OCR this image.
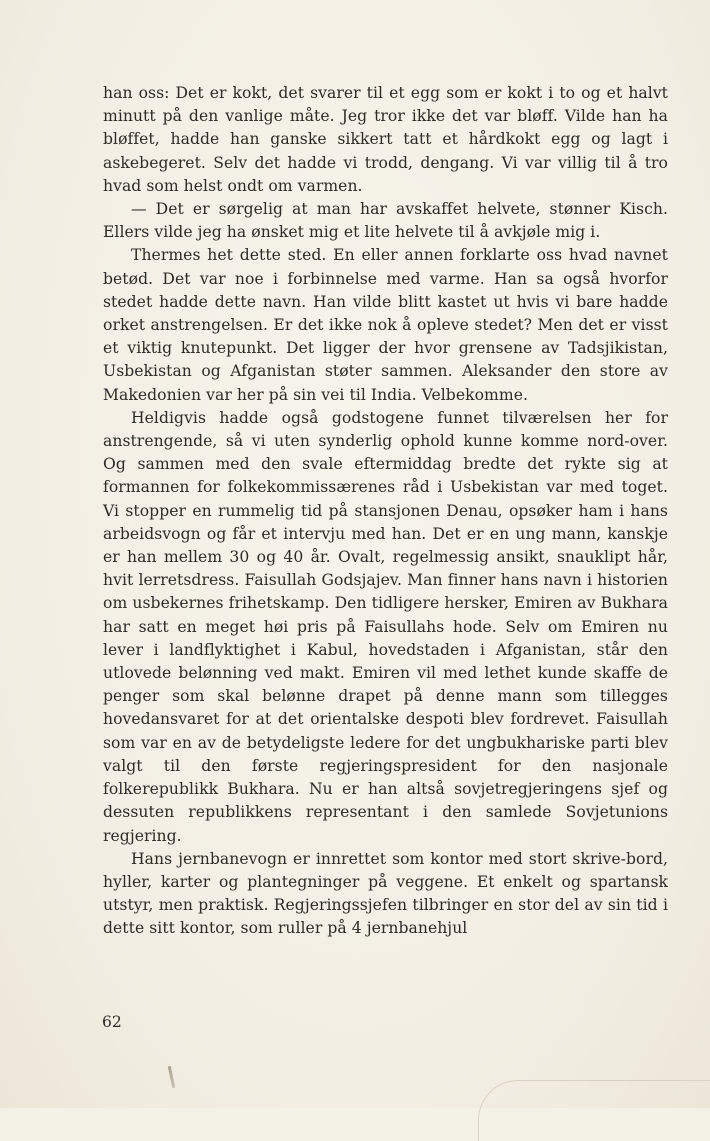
han oss: Det er kokt, det svarer til et egg som er kokt i to og et halvt minutt på den vanlige måte. Jeg tror ikke det var bløff. Vilde han ha bløffet, hadde han ganske sikkert tatt et hårdkokt egg og lagt i askebegeret. Selv det hadde vi trodd, dengang. Vi var villig til å tro hvad som helst ondt om varmen.

— Det er sørgelig at man har avskaffet helvete, stønner Kisch. Ellers vilde jeg ha ønsket mig et lite helvete til å avkjøle mig i.

Thermes het dette sted. En eller annen forklarte oss hvad navnet betød. Det var noe i forbinnelse med varme. Han sa også hvorfor stedet hadde dette navn. Han vilde blitt kastet ut hvis vi bare hadde orket anstrengelsen. Er det ikke nok å opleve stedet? Men det er visst et viktig knutepunkt. Det ligger der hvor grensene av Tadsjikistan, Usbekistan og Afganistan støter sammen. Aleksander den store av Makedonien var her på sin vei til India. Velbekomme.

Heldigvis hadde også godstogene funnet tilværelsen her for anstrengende, så vi uten synderlig ophold kunne komme nord-over. Og sammen med den svale eftermiddag bredte det rykte sig at formannen for folkekommissærenes råd i Usbekistan var med toget. Vi stopper en rummelig tid på stansjonen Denau, opsøker ham i hans arbeidsvogn og får et intervju med han. Det er en ung mann, kanskje er han mellem 30 og 40 år. Ovalt, regelmessig ansikt, snauklipt hår, hvit lerretsdress. Faisullah Godsjajev. Man finner hans navn i historien om usbekernes frihetskamp. Den tidligere hersker, Emiren av Bukhara har satt en meget høi pris på Faisullahs hode. Selv om Emiren nu lever i landflyktighet i Kabul, hovedstaden i Afganistan, står den utlovede belønning ved makt. Emiren vil med lethet kunde skaffe de penger som skal belønne drapet på denne mann som tillegges hovedansvaret for at det orientalske despoti blev fordrevet. Faisullah som var en av de betydeligste ledere for det ungbukhariske parti blev valgt til den første regjeringspresident for den nasjonale folkerepublikk Bukhara. Nu er han altså sovjetregjeringens sjef og dessuten republikkens representant i den samlede Sovjetunions regjering.

Hans jernbanevogn er innrettet som kontor med stort skrive-bord, hyller, karter og plantegninger på veggene. Et enkelt og spartansk utstyr, men praktisk. Regjeringssjefen tilbringer en stor del av sin tid i dette sitt kontor, som ruller på 4 jernbanehjul

62
